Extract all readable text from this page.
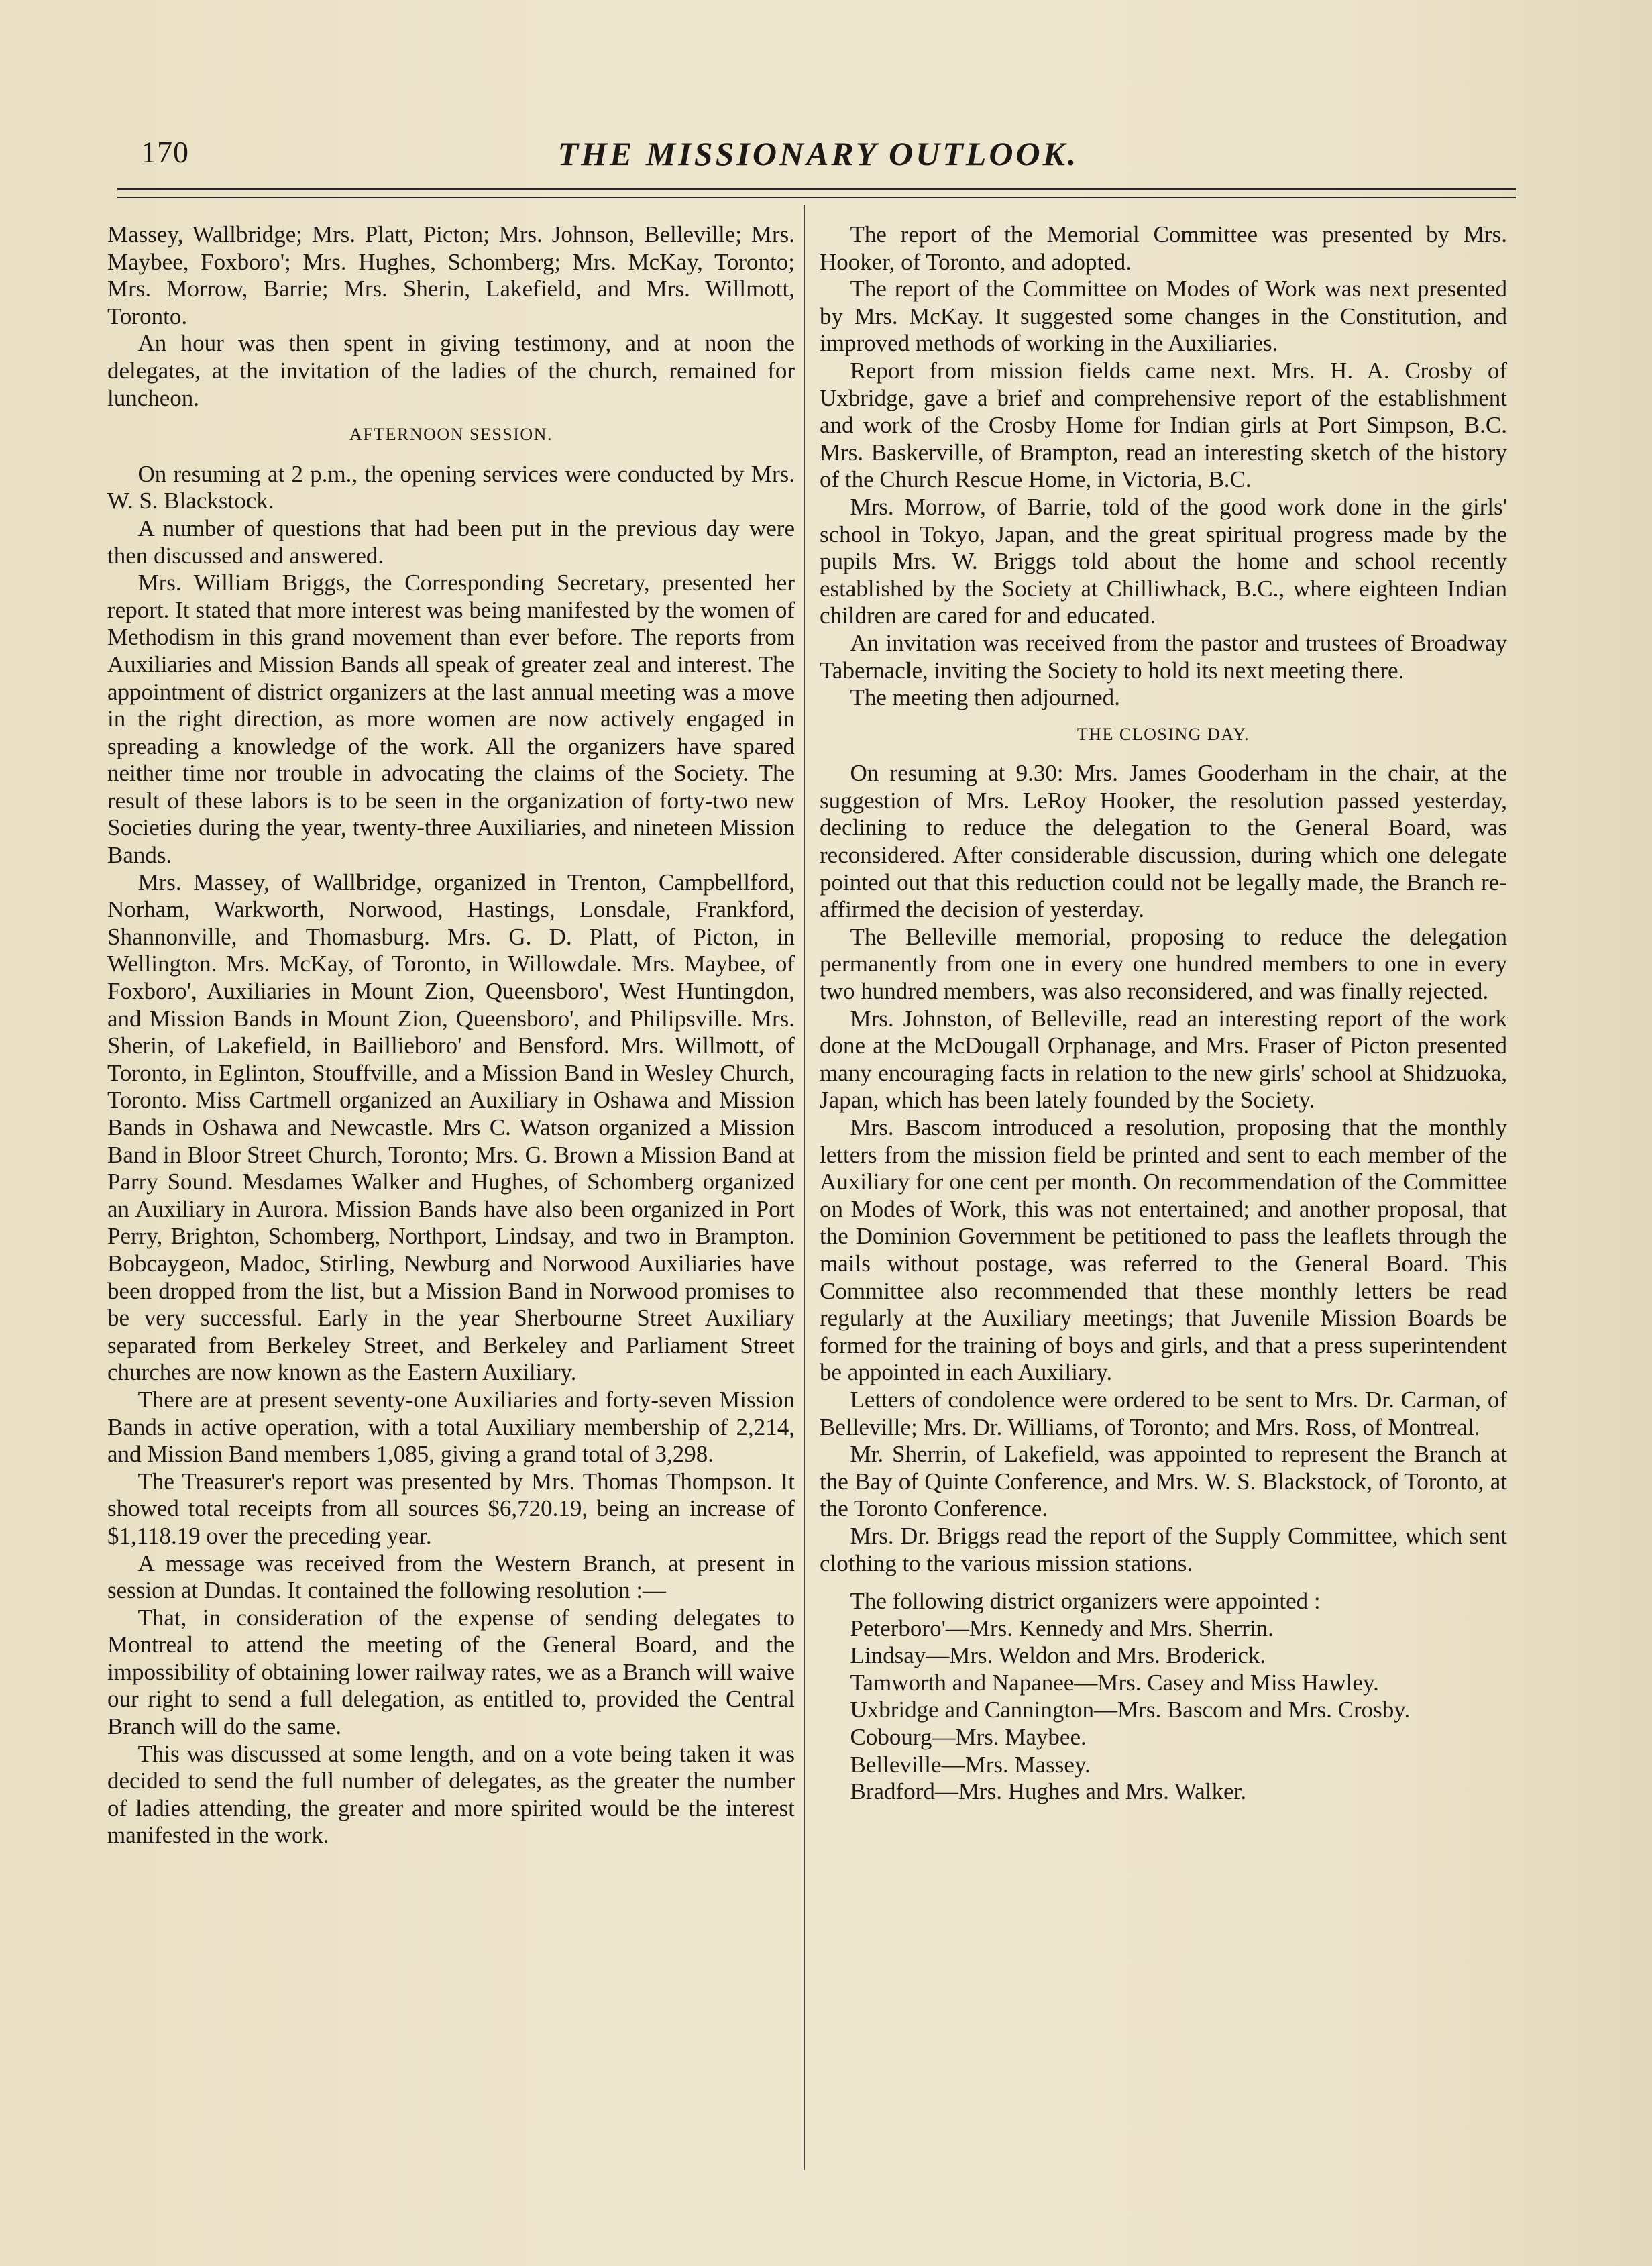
170	THE MISSIONARY OUTLOOK.

Massey, Wallbridge; Mrs. Platt, Picton; Mrs. Johnson, Belleville; Mrs. Maybee, Foxboro'; Mrs. Hughes, Schomberg; Mrs. McKay, Toronto; Mrs. Morrow, Barrie; Mrs. Sherin, Lakefield, and Mrs. Willmott, Toronto.

An hour was then spent in giving testimony, and at noon the delegates, at the invitation of the ladies of the church, remained for luncheon.

AFTERNOON SESSION.

On resuming at 2 p.m., the opening services were conducted by Mrs. W. S. Blackstock.

A number of questions that had been put in the previous day were then discussed and answered.

Mrs. William Briggs, the Corresponding Secretary, presented her report. It stated that more interest was being manifested by the women of Methodism in this grand movement than ever before. The reports from Auxiliaries and Mission Bands all speak of greater zeal and interest. The appointment of district organizers at the last annual meeting was a move in the right direction, as more women are now actively engaged in spreading a knowledge of the work. All the organizers have spared neither time nor trouble in advocating the claims of the Society. The result of these labors is to be seen in the organization of forty-two new Societies during the year, twenty-three Auxiliaries, and nineteen Mission Bands.

Mrs. Massey, of Wallbridge, organized in Trenton, Campbellford, Norham, Warkworth, Norwood, Hastings, Lonsdale, Frankford, Shannonville, and Thomasburg. Mrs. G. D. Platt, of Picton, in Wellington. Mrs. McKay, of Toronto, in Willowdale. Mrs. Maybee, of Foxboro', Auxiliaries in Mount Zion, Queensboro', West Huntingdon, and Mission Bands in Mount Zion, Queensboro', and Philipsville. Mrs. Sherin, of Lakefield, in Baillieboro' and Bensford. Mrs. Willmott, of Toronto, in Eglinton, Stouffville, and a Mission Band in Wesley Church, Toronto. Miss Cartmell organized an Auxiliary in Oshawa and Mission Bands in Oshawa and Newcastle. Mrs C. Watson organized a Mission Band in Bloor Street Church, Toronto; Mrs. G. Brown a Mission Band at Parry Sound. Mesdames Walker and Hughes, of Schomberg organized an Auxiliary in Aurora. Mission Bands have also been organized in Port Perry, Brighton, Schomberg, Northport, Lindsay, and two in Brampton. Bobcaygeon, Madoc, Stirling, Newburg and Norwood Auxiliaries have been dropped from the list, but a Mission Band in Norwood promises to be very successful. Early in the year Sherbourne Street Auxiliary separated from Berkeley Street, and Berkeley and Parliament Street churches are now known as the Eastern Auxiliary.

There are at present seventy-one Auxiliaries and forty-seven Mission Bands in active operation, with a total Auxiliary membership of 2,214, and Mission Band members 1,085, giving a grand total of 3,298.

The Treasurer's report was presented by Mrs. Thomas Thompson. It showed total receipts from all sources $6,720.19, being an increase of $1,118.19 over the preceding year.

A message was received from the Western Branch, at present in session at Dundas. It contained the following resolution :—

That, in consideration of the expense of sending delegates to Montreal to attend the meeting of the General Board, and the impossibility of obtaining lower railway rates, we as a Branch will waive our right to send a full delegation, as entitled to, provided the Central Branch will do the same.

This was discussed at some length, and on a vote being taken it was decided to send the full number of delegates, as the greater the number of ladies attending, the greater and more spirited would be the interest manifested in the work.

The report of the Memorial Committee was presented by Mrs. Hooker, of Toronto, and adopted.

The report of the Committee on Modes of Work was next presented by Mrs. McKay. It suggested some changes in the Constitution, and improved methods of working in the Auxiliaries.

Report from mission fields came next. Mrs. H. A. Crosby of Uxbridge, gave a brief and comprehensive report of the establishment and work of the Crosby Home for Indian girls at Port Simpson, B.C. Mrs. Baskerville, of Brampton, read an interesting sketch of the history of the Church Rescue Home, in Victoria, B.C.

Mrs. Morrow, of Barrie, told of the good work done in the girls' school in Tokyo, Japan, and the great spiritual progress made by the pupils Mrs. W. Briggs told about the home and school recently established by the Society at Chilliwhack, B.C., where eighteen Indian children are cared for and educated.

An invitation was received from the pastor and trustees of Broadway Tabernacle, inviting the Society to hold its next meeting there.

The meeting then adjourned.

THE CLOSING DAY.

On resuming at 9.30: Mrs. James Gooderham in the chair, at the suggestion of Mrs. LeRoy Hooker, the resolution passed yesterday, declining to reduce the delegation to the General Board, was reconsidered. After considerable discussion, during which one delegate pointed out that this reduction could not be legally made, the Branch re-affirmed the decision of yesterday.

The Belleville memorial, proposing to reduce the delegation permanently from one in every one hundred members to one in every two hundred members, was also reconsidered, and was finally rejected.

Mrs. Johnston, of Belleville, read an interesting report of the work done at the McDougall Orphanage, and Mrs. Fraser of Picton presented many encouraging facts in relation to the new girls' school at Shidzuoka, Japan, which has been lately founded by the Society.

Mrs. Bascom introduced a resolution, proposing that the monthly letters from the mission field be printed and sent to each member of the Auxiliary for one cent per month. On recommendation of the Committee on Modes of Work, this was not entertained; and another proposal, that the Dominion Government be petitioned to pass the leaflets through the mails without postage, was referred to the General Board. This Committee also recommended that these monthly letters be read regularly at the Auxiliary meetings; that Juvenile Mission Boards be formed for the training of boys and girls, and that a press superintendent be appointed in each Auxiliary.

Letters of condolence were ordered to be sent to Mrs. Dr. Carman, of Belleville; Mrs. Dr. Williams, of Toronto; and Mrs. Ross, of Montreal.

Mr. Sherrin, of Lakefield, was appointed to represent the Branch at the Bay of Quinte Conference, and Mrs. W. S. Blackstock, of Toronto, at the Toronto Conference.

Mrs. Dr. Briggs read the report of the Supply Committee, which sent clothing to the various mission stations.

The following district organizers were appointed :

Peterboro'—Mrs. Kennedy and Mrs. Sherrin.

Lindsay—Mrs. Weldon and Mrs. Broderick.

Tamworth and Napanee—Mrs. Casey and Miss Hawley.

Uxbridge and Cannington—Mrs. Bascom and Mrs. Crosby.

Cobourg—Mrs. Maybee.

Belleville—Mrs. Massey.

Bradford—Mrs. Hughes and Mrs. Walker.
